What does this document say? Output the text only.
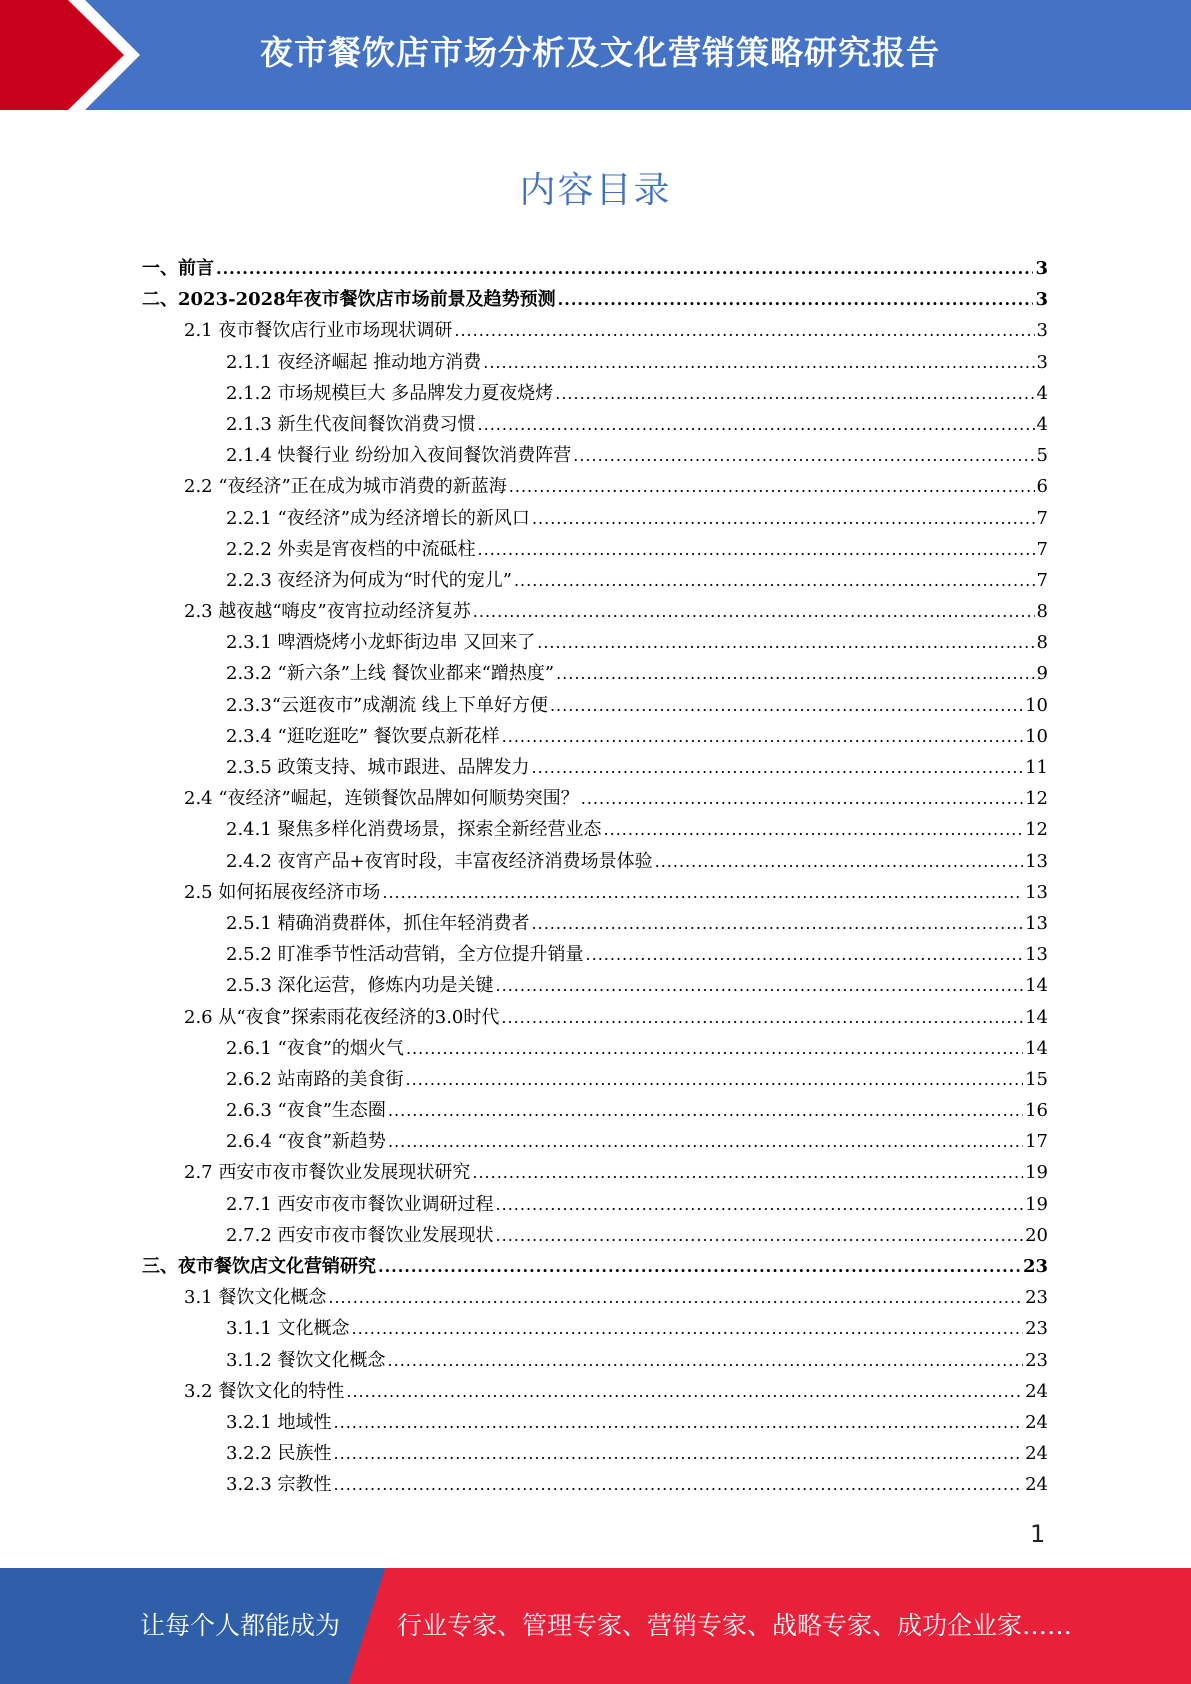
夜市餐饮店市场分析及文化营销策略研究报告
内容目录
一、前言 .....	3
二、2023-2028年夜市餐饮店市场前景及趋势预测 .....	3
2.1 夜市餐饮店行业市场现状调研 .....	3
2.1.1 夜经济崛起 推动地方消费 .....	3
2.1.2 市场规模巨大 多品牌发力夏夜烧烤 .....	4
2.1.3 新生代夜间餐饮消费习惯 .....	4
2.1.4 快餐行业 纷纷加入夜间餐饮消费阵营 .....	5
2.2 “夜经济”正在成为城市消费的新蓝海 .....	6
2.2.1 “夜经济”成为经济增长的新风口 .....	7
2.2.2 外卖是宵夜档的中流砥柱 .....	7
2.2.3 夜经济为何成为“时代的宠儿” .....	7
2.3 越夜越“嗨皮”夜宵拉动经济复苏 .....	8
2.3.1 啤酒烧烤小龙虾街边串 又回来了 .....	8
2.3.2 “新六条”上线 餐饮业都来“蹭热度” .....	9
2.3.3“云逛夜市”成潮流 线上下单好方便 .....	10
2.3.4 “逛吃逛吃” 餐饮要点新花样 .....	10
2.3.5 政策支持、城市跟进、品牌发力 .....	11
2.4 “夜经济”崛起，连锁餐饮品牌如何顺势突围？ .....	12
2.4.1 聚焦多样化消费场景，探索全新经营业态 .....	12
2.4.2 夜宵产品+夜宵时段，丰富夜经济消费场景体验 .....	13
2.5 如何拓展夜经济市场 .....	13
2.5.1 精确消费群体，抓住年轻消费者 .....	13
2.5.2 盯准季节性活动营销，全方位提升销量 .....	13
2.5.3 深化运营，修炼内功是关键 .....	14
2.6 从“夜食”探索雨花夜经济的3.0时代 .....	14
2.6.1 “夜食”的烟火气 .....	14
2.6.2 站南路的美食街 .....	15
2.6.3 “夜食”生态圈 .....	16
2.6.4 “夜食”新趋势 .....	17
2.7 西安市夜市餐饮业发展现状研究 .....	19
2.7.1 西安市夜市餐饮业调研过程 .....	19
2.7.2 西安市夜市餐饮业发展现状 .....	20
三、夜市餐饮店文化营销研究 .....	23
3.1 餐饮文化概念 .....	23
3.1.1 文化概念 .....	23
3.1.2 餐饮文化概念 .....	23
3.2 餐饮文化的特性 .....	24
3.2.1 地域性 .....	24
3.2.2 民族性 .....	24
3.2.3 宗教性 .....	24
1
让每个人都能成为 行业专家、管理专家、营销专家、战略专家、成功企业家……
